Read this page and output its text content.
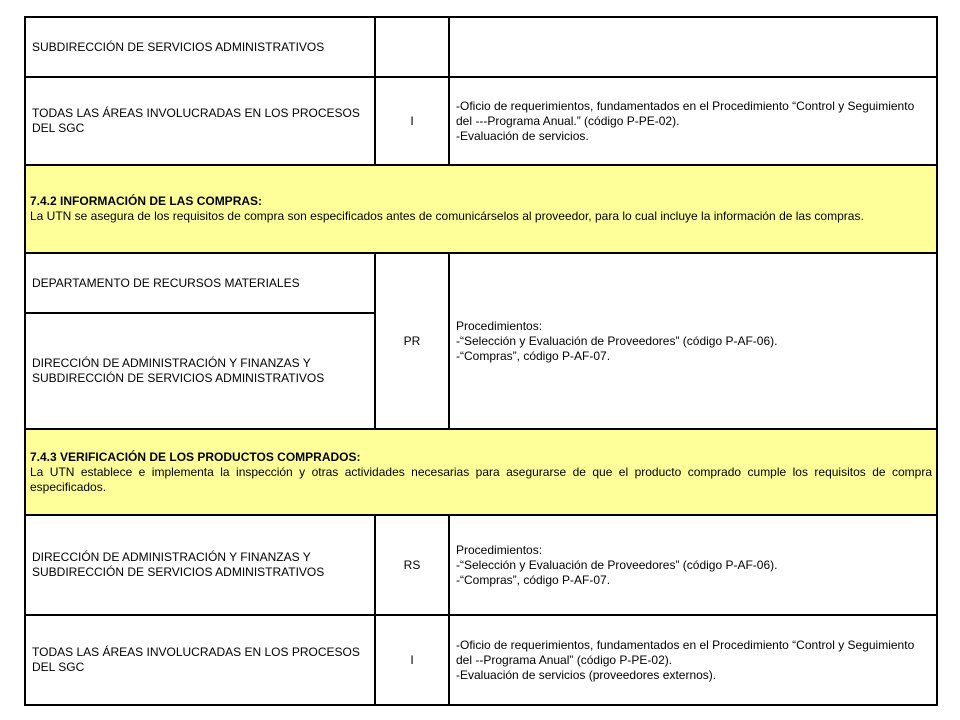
SUBDIRECCIÓN DE SERVICIOS ADMINISTRATIVOS		
TODAS LAS ÁREAS INVOLUCRADAS EN LOS PROCESOS DEL SGC	I	-Oficio de requerimientos, fundamentados en el Procedimiento “Control y Seguimiento del ---Programa Anual.” (código P-PE-02).
-Evaluación de servicios.

7.4.2 INFORMACIÓN DE LAS COMPRAS:
La UTN se asegura de los requisitos de compra son especificados antes de comunicárselos al proveedor, para lo cual incluye la información de las compras.		

DEPARTAMENTO DE RECURSOS MATERIALES	PR	Procedimientos:
-“Selección y Evaluación de Proveedores” (código P-AF-06).
-“Compras”, código P-AF-07.

DIRECCIÓN DE ADMINISTRACIÓN Y FINANZAS Y SUBDIRECCIÓN DE SERVICIOS ADMINISTRATIVOS		

7.4.3 VERIFICACIÓN DE LOS PRODUCTOS COMPRADOS:
La UTN establece e implementa la inspección y otras actividades necesarias para asegurarse de que el producto comprado cumple los requisitos de compra especificados.		

DIRECCIÓN DE ADMINISTRACIÓN Y FINANZAS Y SUBDIRECCIÓN DE SERVICIOS ADMINISTRATIVOS	RS	Procedimientos:
-“Selección y Evaluación de Proveedores” (código P-AF-06).
-“Compras”, código P-AF-07.

TODAS LAS ÁREAS INVOLUCRADAS EN LOS PROCESOS DEL SGC	I	-Oficio de requerimientos, fundamentados en el Procedimiento “Control y Seguimiento del --Programa Anual” (código P-PE-02).
-Evaluación de servicios (proveedores externos).
